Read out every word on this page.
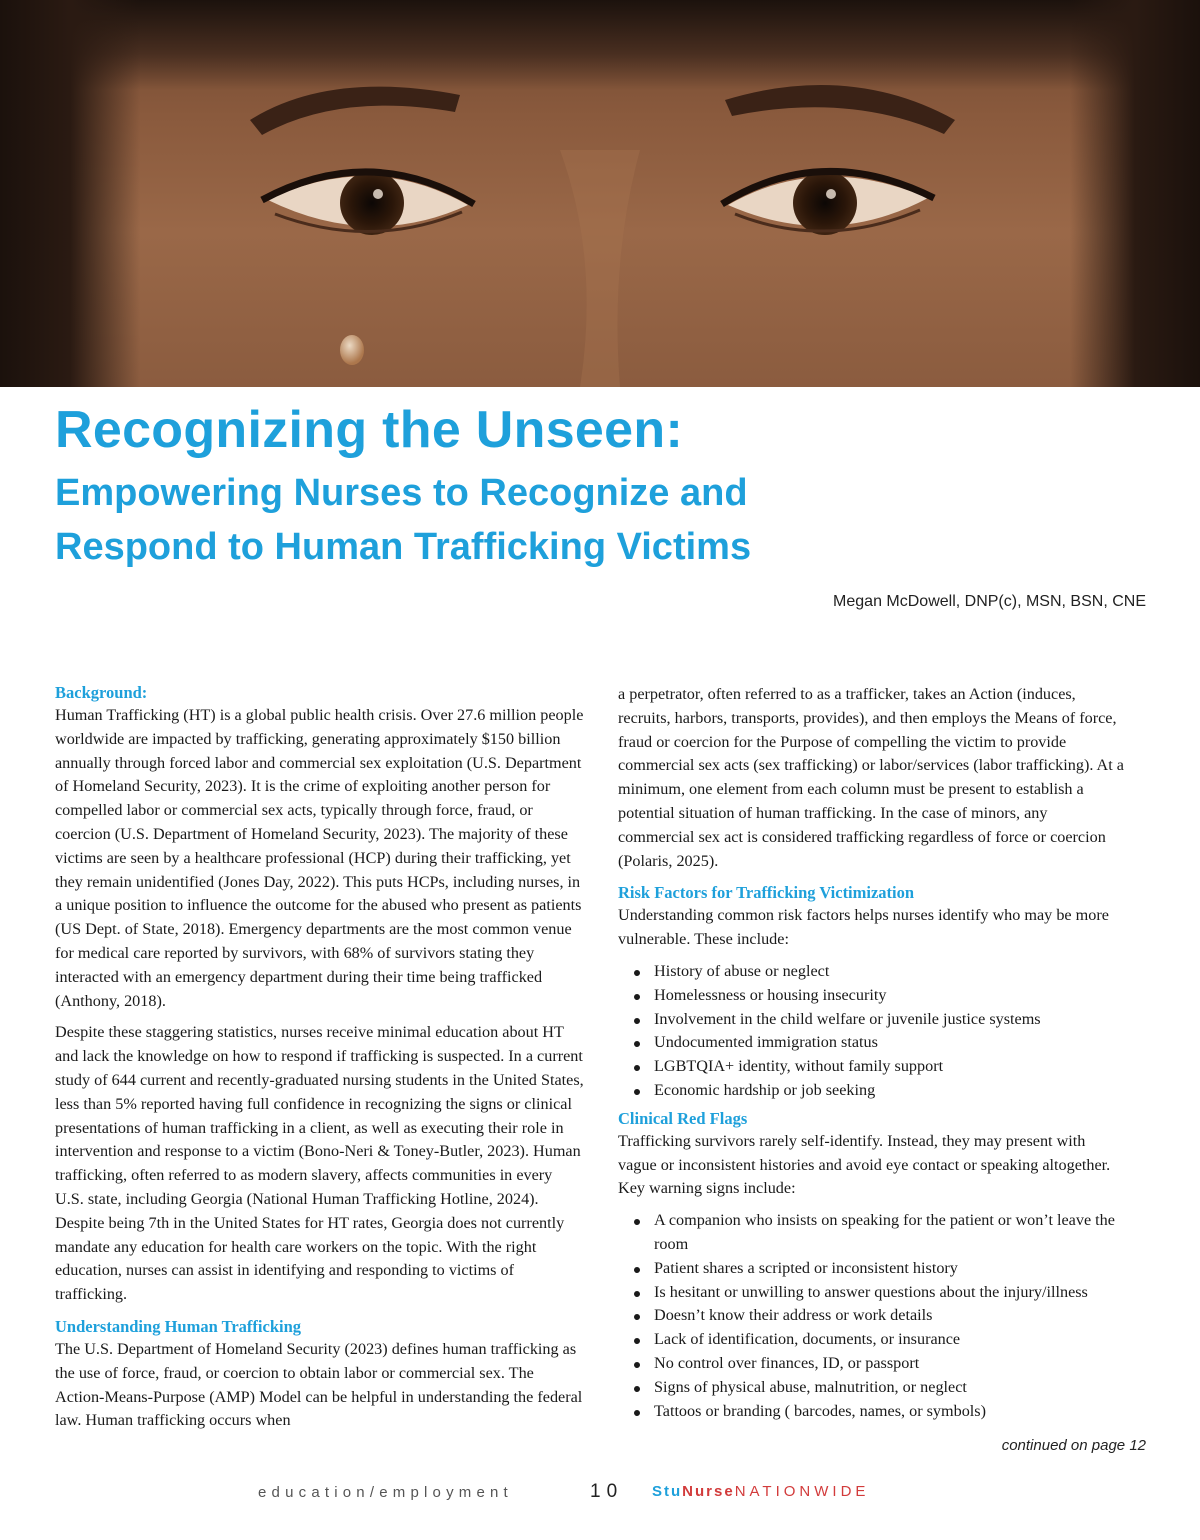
Recognizing the Unseen:
Empowering Nurses to Recognize and
Respond to Human Trafficking Victims
Megan McDowell, DNP(c), MSN, BSN, CNE
Background:

Human Trafficking (HT) is a global public health crisis. Over 27.6 million people worldwide are impacted by trafficking, generating approximately $150 billion annually through forced labor and commercial sex exploitation (U.S. Department of Homeland Security, 2023). It is the crime of exploiting another person for compelled labor or commercial sex acts, typically through force, fraud, or coercion (U.S. Department of Homeland Security, 2023). The majority of these victims are seen by a healthcare professional (HCP) during their trafficking, yet they remain unidentified (Jones Day, 2022). This puts HCPs, including nurses, in a unique position to influence the outcome for the abused who present as patients (US Dept. of State, 2018). Emergency departments are the most common venue for medical care reported by survivors, with 68% of survivors stating they interacted with an emergency department during their time being trafficked (Anthony, 2018).

Despite these staggering statistics, nurses receive minimal education about HT and lack the knowledge on how to respond if trafficking is suspected. In a current study of 644 current and recently-graduated nursing students in the United States, less than 5% reported having full confidence in recognizing the signs or clinical presentations of human trafficking in a client, as well as executing their role in intervention and response to a victim (Bono-Neri & Toney-Butler, 2023). Human trafficking, often referred to as modern slavery, affects communities in every U.S. state, including Georgia (National Human Trafficking Hotline, 2024). Despite being 7th in the United States for HT rates, Georgia does not currently mandate any education for health care workers on the topic. With the right education, nurses can assist in identifying and responding to victims of trafficking.

Understanding Human Trafficking

The U.S. Department of Homeland Security (2023) defines human trafficking as the use of force, fraud, or coercion to obtain labor or commercial sex. The Action-Means-Purpose (AMP) Model can be helpful in understanding the federal law. Human trafficking occurs when

a perpetrator, often referred to as a trafficker, takes an Action (induces, recruits, harbors, transports, provides), and then employs the Means of force, fraud or coercion for the Purpose of compelling the victim to provide commercial sex acts (sex trafficking) or labor/services (labor trafficking). At a minimum, one element from each column must be present to establish a potential situation of human trafficking. In the case of minors, any commercial sex act is considered trafficking regardless of force or coercion (Polaris, 2025).

Risk Factors for Trafficking Victimization

Understanding common risk factors helps nurses identify who may be more vulnerable. These include:

History of abuse or neglect
Homelessness or housing insecurity
Involvement in the child welfare or juvenile justice systems
Undocumented immigration status
LGBTQIA+ identity, without family support
Economic hardship or job seeking
Clinical Red Flags

Trafficking survivors rarely self-identify. Instead, they may present with vague or inconsistent histories and avoid eye contact or speaking altogether. Key warning signs include:

A companion who insists on speaking for the patient or won’t leave the room
Patient shares a scripted or inconsistent history
Is hesitant or unwilling to answer questions about the injury/illness
Doesn’t know their address or work details
Lack of identification, documents, or insurance
No control over finances, ID, or passport
Signs of physical abuse, malnutrition, or neglect
Tattoos or branding ( barcodes, names, or symbols)
continued on page 12
education/employment	10 StuNurseNATIONWIDE
